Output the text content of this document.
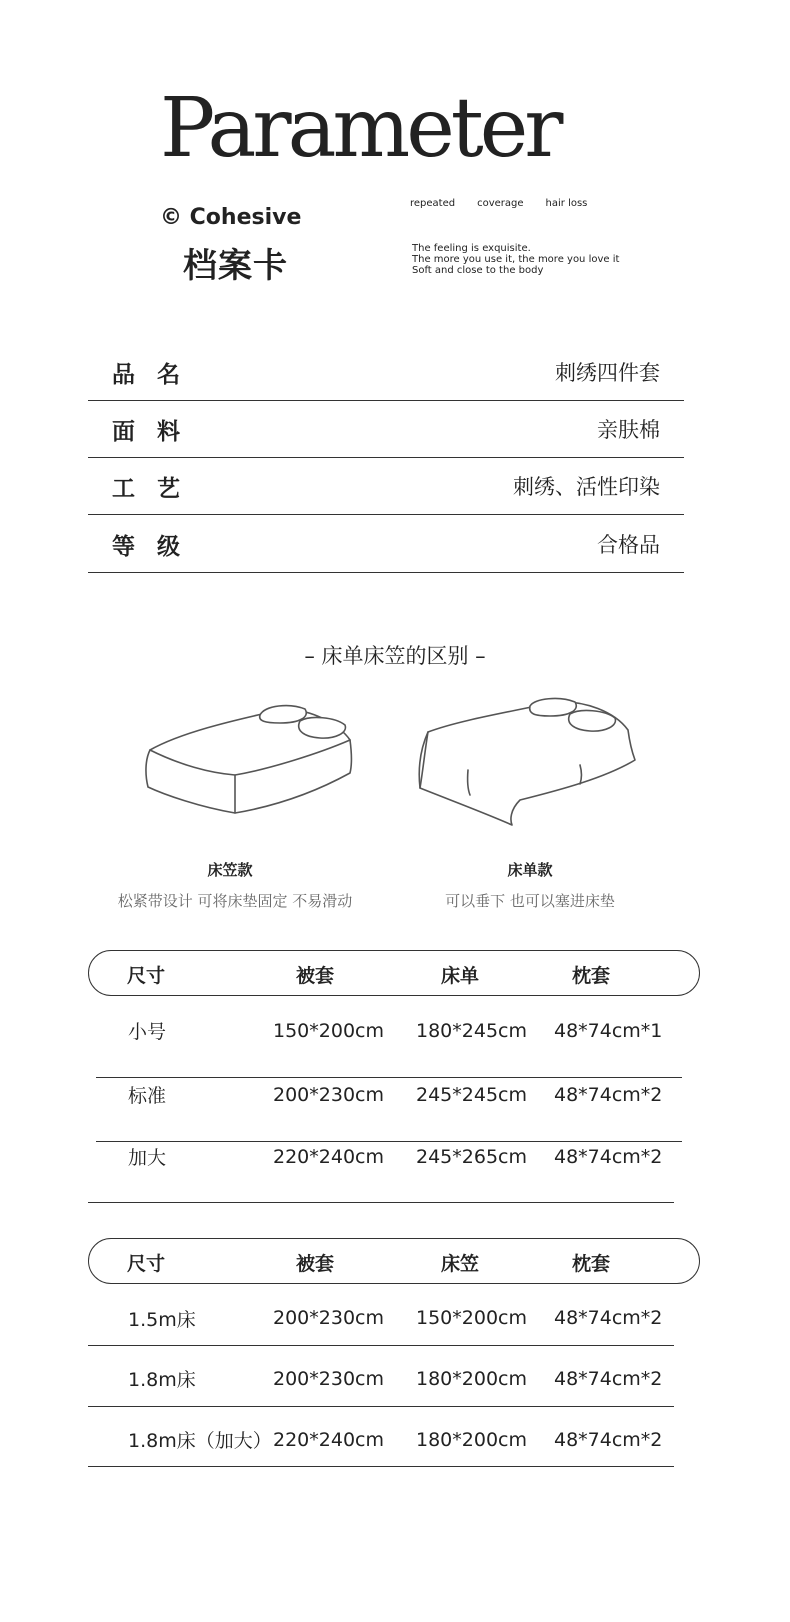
Parameter
© Cohesive
档案卡
repeated coverage hair loss
The feeling is exquisite.
The more you use it, the more you love it
Soft and close to the body
品名	刺绣四件套
面料	亲肤棉
工艺	刺绣、活性印染
等级	合格品
– 床单床笠的区别 –
床笠款
松紧带设计 可将床垫固定 不易滑动
床单款
可以垂下 也可以塞进床垫
尺寸	被套	床单	枕套
小号	150*200cm 180*245cm 48*74cm*1
标准	200*230cm 245*245cm 48*74cm*2
加大	220*240cm 245*265cm 48*74cm*2
尺寸	被套	床笠	枕套
1.5m床	200*230cm 150*200cm 48*74cm*2
1.8m床	200*230cm 180*200cm 48*74cm*2
1.8m床（加大） 220*240cm 180*200cm 48*74cm*2
